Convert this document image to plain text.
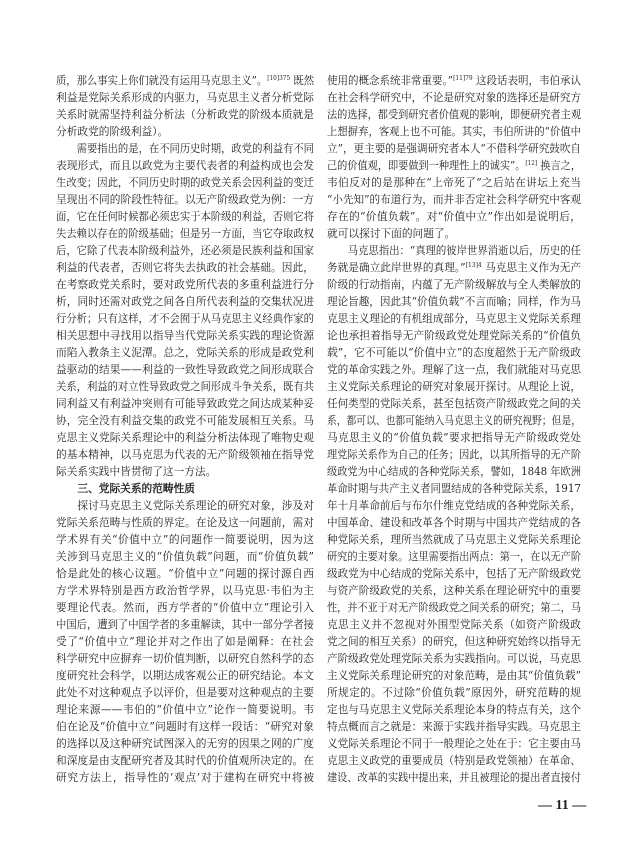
质，那么事实上你们就没有运用马克思主义”。$^{[10]375}$ 既然
利益是党际关系形成的内驱力，马克思主义者分析党际
关系时就需坚持利益分析法（分析政党的阶级本质就是
分析政党的阶级利益）。
需要指出的是，在不同历史时期，政党的利益有不同
表现形式，而且以政党为主要代表者的利益构成也会发
生改变；因此，不同历史时期的政党关系会因利益的变迁
呈现出不同的阶段性特征。以无产阶级政党为例：一方
面，它在任何时候都必须忠实于本阶级的利益，否则它将
失去赖以存在的阶级基础；但是另一方面，当它夺取政权
后，它除了代表本阶级利益外，还必须是民族利益和国家
利益的代表者，否则它将失去执政的社会基础。因此，
在考察政党关系时，要对政党所代表的多重利益进行分
析，同时还需对政党之间各自所代表利益的交集状况进
行分析；只有这样，才不会囿于从马克思主义经典作家的
相关思想中寻找用以指导当代党际关系实践的理论资源
而陷入教条主义泥潭。总之，党际关系的形成是政党利
益驱动的结果——利益的一致性导致政党之间形成联合
关系，利益的对立性导致政党之间形成斗争关系，既有共
同利益又有利益冲突则有可能导致政党之间达成某种妥
协，完全没有利益交集的政党不可能发展相互关系。马
克思主义党际关系理论中的利益分析法体现了唯物史观
的基本精神，以马克思为代表的无产阶级领袖在指导党
际关系实践中皆贯彻了这一方法。
三、党际关系的范畴性质
探讨马克思主义党际关系理论的研究对象，涉及对
党际关系范畴与性质的界定。在论及这一问题前，需对
学术界有关“价值中立”的问题作一简要说明，因为这
关涉到马克思主义的“价值负载”问题，而“价值负载”
恰是此处的核心议题。“价值中立”问题的探讨源自西
方学术界特别是西方政治哲学界，以马克思·韦伯为主
要理论代表。然而，西方学者的“价值中立”理论引入
中国后，遭到了中国学者的多重解读，其中一部分学者接
受了“价值中立”理论并对之作出了如是阐释：在社会
科学研究中应摒弃一切价值判断，以研究自然科学的态
度研究社会科学，以期达成客观公正的研究结论。本文
此处不对这种观点予以评价，但是要对这种观点的主要
理论来源——韦伯的“价值中立”论作一简要说明。韦
伯在论及“价值中立”问题时有这样一段话：“研究对象
的选择以及这种研究试图深入的无穷的因果之网的广度
和深度是由支配研究者及其时代的价值观所决定的。在
研究方法上，指导性的‘观点’对于建构在研究中将被
使用的概念系统非常重要。”$^{[11]79}$ 这段话表明，韦伯承认
在社会科学研究中，不论是研究对象的选择还是研究方
法的选择，都受到研究者价值观的影响，即便研究者主观
上想摒弃，客观上也不可能。其实，韦伯所讲的“价值中
立”，更主要的是强调研究者本人“不借科学研究鼓吹自
己的价值观，即要做到一种理性上的诚实”。[12] 换言之，
韦伯反对的是那种在“上帝死了”之后站在讲坛上充当
“小先知”的布道行为，而并非否定社会科学研究中客观
存在的“价值负载”。对“价值中立”作出如是说明后，
就可以探讨下面的问题了。
马克思指出：“真理的彼岸世界消逝以后，历史的任
务就是确立此岸世界的真理。”$^{[13]4}$ 马克思主义作为无产
阶级的行动指南，内蕴了无产阶级解放与全人类解放的
理论旨趣，因此其“价值负载”不言而喻；同样，作为马
克思主义理论的有机组成部分，马克思主义党际关系理
论也承担着指导无产阶级政党处理党际关系的“价值负
载”，它不可能以“价值中立”的态度超然于无产阶级政
党的革命实践之外。理解了这一点，我们就能对马克思
主义党际关系理论的研究对象展开探讨。从理论上说，
任何类型的党际关系，甚至包括资产阶级政党之间的关
系，都可以、也都可能纳入马克思主义的研究视野；但是，
马克思主义的“价值负载”要求把指导无产阶级政党处
理党际关系作为自己的任务；因此，以其所指导的无产阶
级政党为中心结成的各种党际关系，譬如，1848 年欧洲
革命时期与共产主义者同盟结成的各种党际关系，1917
年十月革命前后与布尔什维克党结成的各种党际关系，
中国革命、建设和改革各个时期与中国共产党结成的各
种党际关系，理所当然就成了马克思主义党际关系理论
研究的主要对象。这里需要指出两点：第一，在以无产阶
级政党为中心结成的党际关系中，包括了无产阶级政党
与资产阶级政党的关系，这种关系在理论研究中的重要
性，并不亚于对无产阶级政党之间关系的研究；第二，马
克思主义并不忽视对外围型党际关系（如资产阶级政
党之间的相互关系）的研究，但这种研究始终以指导无
产阶级政党处理党际关系为实践指向。可以说，马克思
主义党际关系理论研究的对象范畴，是由其“价值负载”
所规定的。不过除“价值负载”原因外，研究范畴的规
定也与马克思主义党际关系理论本身的特点有关，这个
特点概而言之就是：来源于实践并指导实践。马克思主
义党际关系理论不同于一般理论之处在于：它主要由马
克思主义政党的重要成员（特别是政党领袖）在革命、
建设、改革的实践中提出来，并且被理论的提出者直接付
— 11 —
